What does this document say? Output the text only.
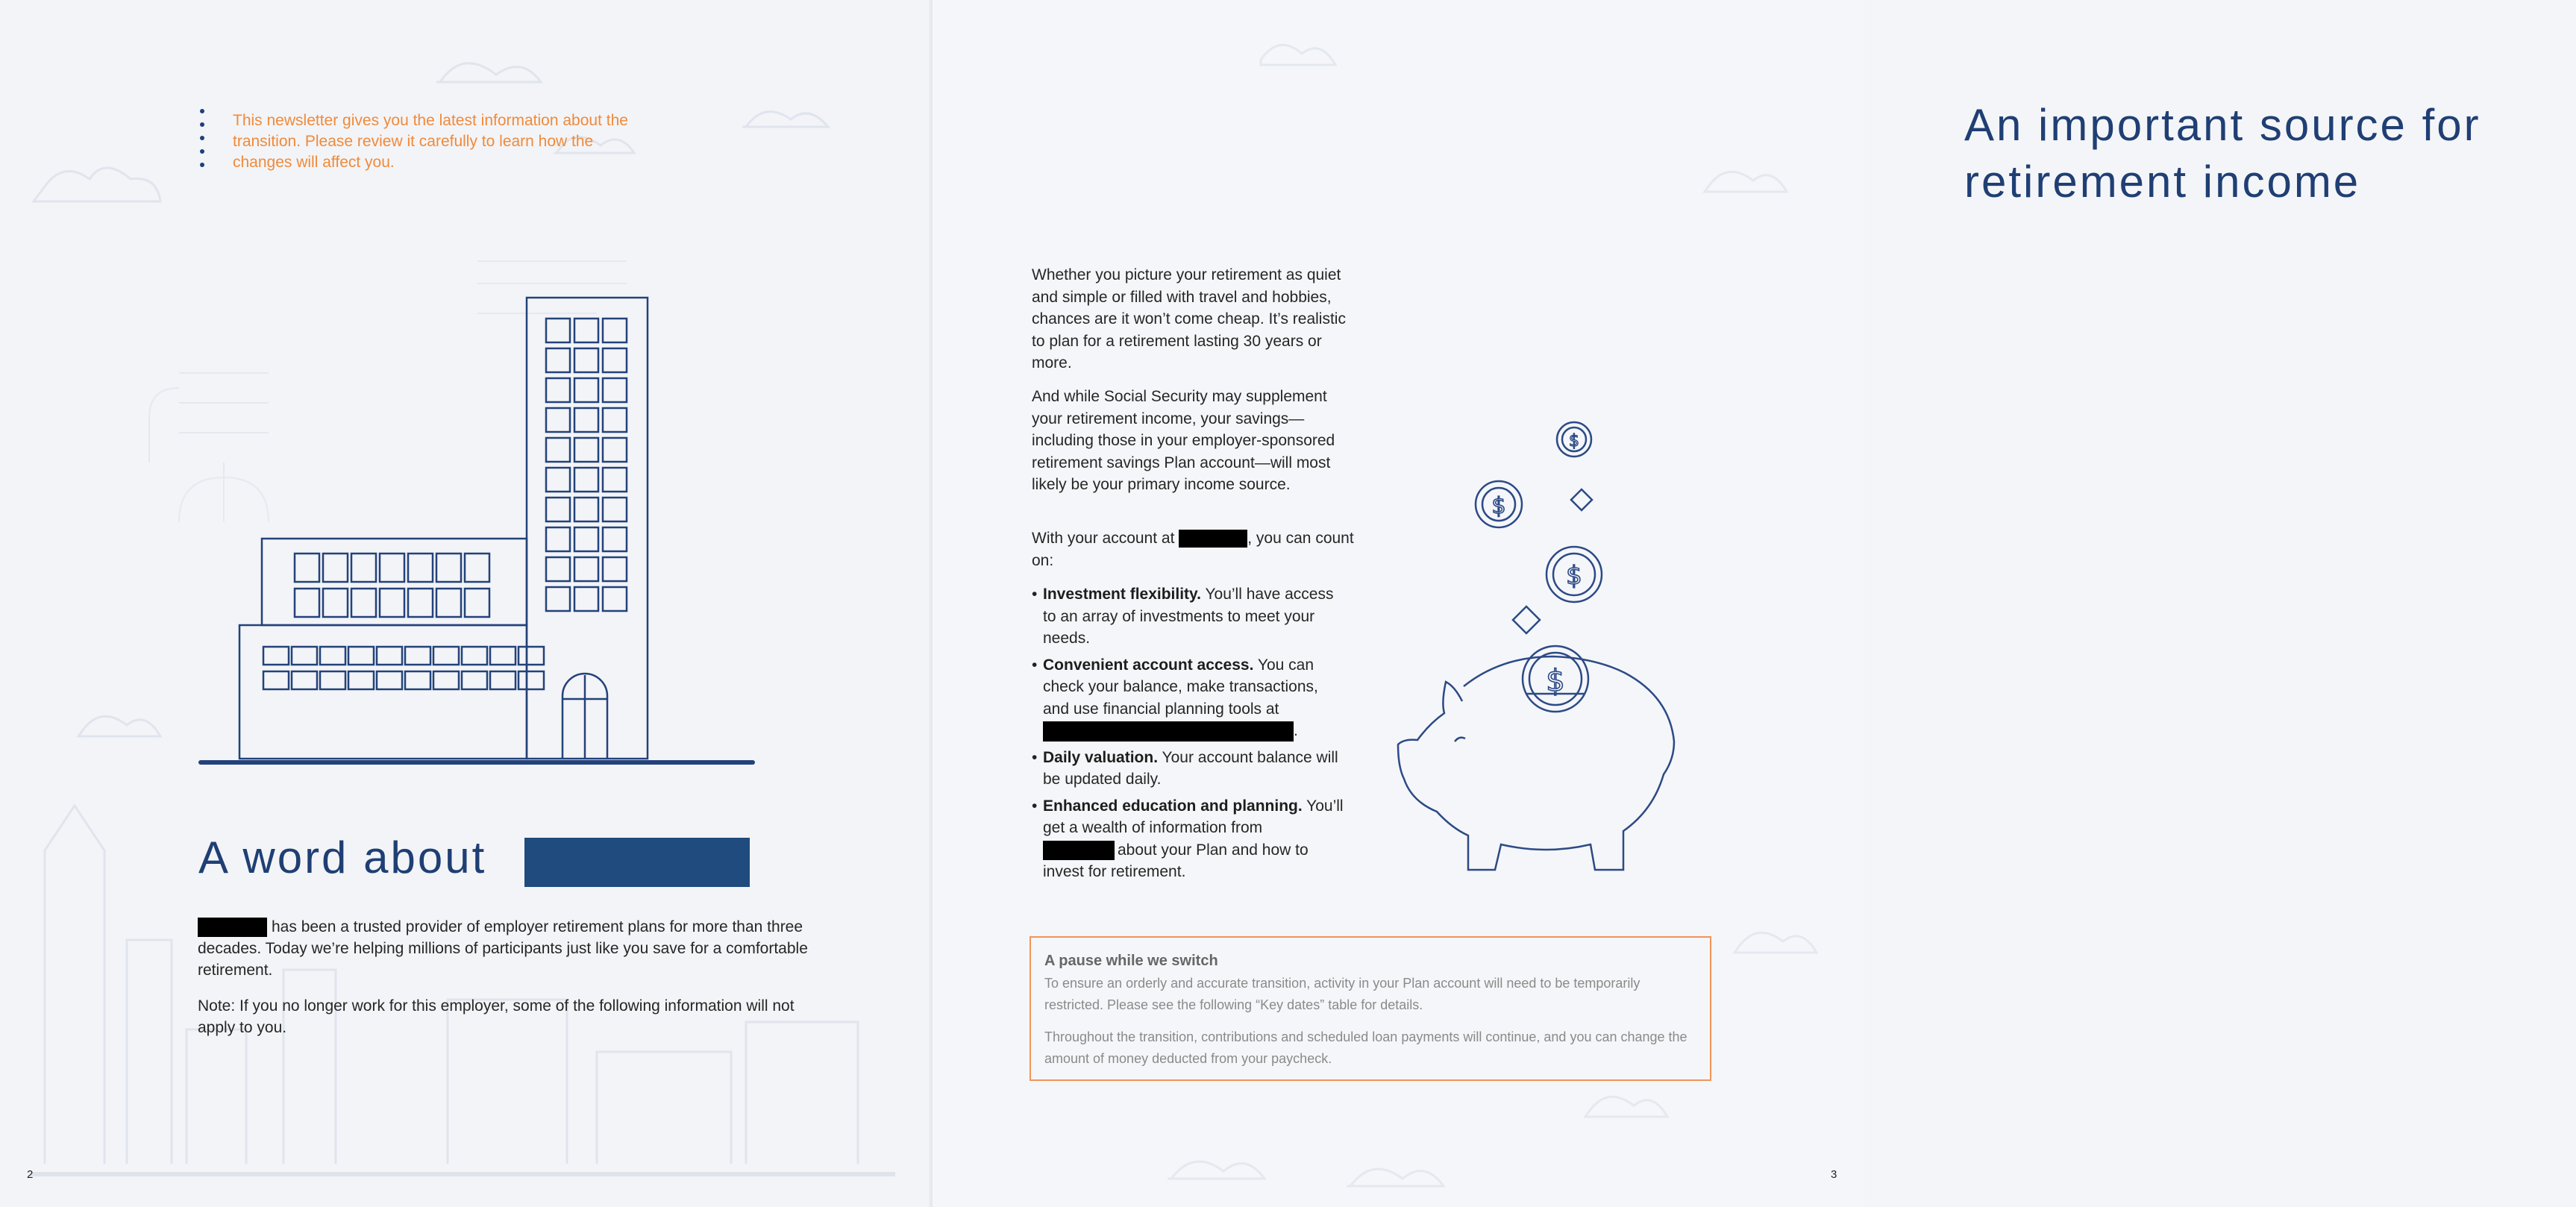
This newsletter gives you the latest information about the transition. Please review it carefully to learn how the changes will affect you.
A word about
has been a trusted provider of employer retirement plans for more than three decades. Today we’re helping millions of participants just like you save for a comfortable retirement.
Note: If you no longer work for this employer, some of the following information will not apply to you.
2
An important source for
retirement income
Whether you picture your retirement as quiet and simple or filled with travel and hobbies, chances are it won’t come cheap. It’s realistic to plan for a retirement lasting 30 years or more.
And while Social Security may supplement your retirement income, your savings—including those in your employer-sponsored retirement savings Plan account—will most likely be your primary income source.
With your account at	, you can count on:
• Investment flexibility. You’ll have access to an array of investments to meet your needs.
• Convenient account access. You can check your balance, make transactions, and use financial planning tools at
.
• Daily valuation. Your account balance will be updated daily.
• Enhanced education and planning. You’ll get a wealth of information from
about your Plan and how to invest for retirement.
$
$
$
$
A pause while we switch

To ensure an orderly and accurate transition, activity in your Plan account will need to be temporarily restricted. Please see the following “Key dates” table for details.

Throughout the transition, contributions and scheduled loan payments will continue, and you can change the amount of money deducted from your paycheck.

3
